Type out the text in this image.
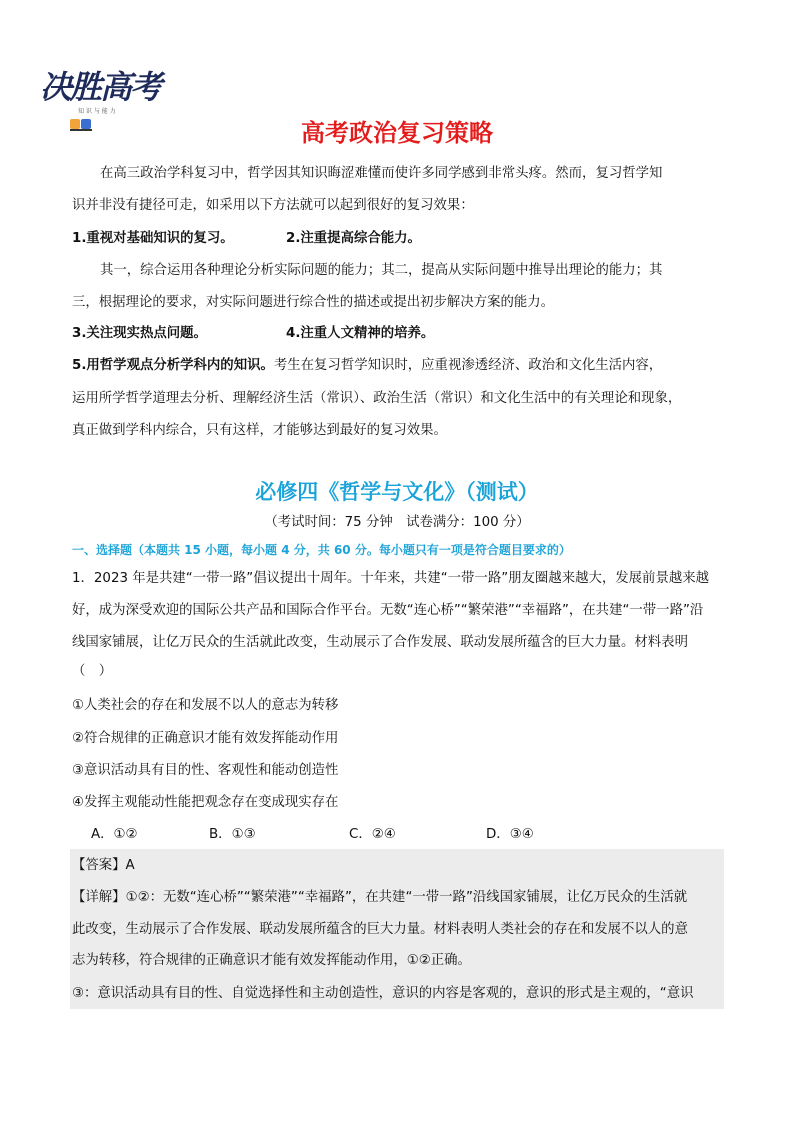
决胜高考
知 识 与 能 力
高考政治复习策略

在高三政治学科复习中，哲学因其知识晦涩难懂而使许多同学感到非常头疼。然而，复习哲学知

识并非没有捷径可走，如采用以下方法就可以起到很好的复习效果：

1.重视对基础知识的复习。	2.注重提高综合能力。

其一，综合运用各种理论分析实际问题的能力；其二，提高从实际问题中推导出理论的能力；其

三，根据理论的要求，对实际问题进行综合性的描述或提出初步解决方案的能力。

3.关注现实热点问题。	4.注重人文精神的培养。

5.用哲学观点分析学科内的知识。考生在复习哲学知识时，应重视渗透经济、政治和文化生活内容，

运用所学哲学道理去分析、理解经济生活（常识）、政治生活（常识）和文化生活中的有关理论和现象，

真正做到学科内综合，只有这样，才能够达到最好的复习效果。

必修四《哲学与文化》（测试）

（考试时间：75 分钟　试卷满分：100 分）

一、选择题（本题共 15 小题，每小题 4 分，共 60 分。每小题只有一项是符合题目要求的）

1．2023 年是共建“一带一路”倡议提出十周年。十年来，共建“一带一路”朋友圈越来越大，发展前景越来越

好，成为深受欢迎的国际公共产品和国际合作平台。无数“连心桥”“繁荣港”“幸福路”，在共建“一带一路”沿

线国家铺展，让亿万民众的生活就此改变，生动展示了合作发展、联动发展所蕴含的巨大力量。材料表明

（　）

①人类社会的存在和发展不以人的意志为转移

②符合规律的正确意识才能有效发挥能动作用

③意识活动具有目的性、客观性和能动创造性

④发挥主观能动性能把观念存在变成现实存在

A．①②	B．①③	C．②④	D．③④

【答案】A

【详解】①②：无数“连心桥”“繁荣港”“幸福路”，在共建“一带一路”沿线国家铺展，让亿万民众的生活就

此改变，生动展示了合作发展、联动发展所蕴含的巨大力量。材料表明人类社会的存在和发展不以人的意

志为转移，符合规律的正确意识才能有效发挥能动作用，①②正确。

③：意识活动具有目的性、自觉选择性和主动创造性，意识的内容是客观的，意识的形式是主观的，“意识
